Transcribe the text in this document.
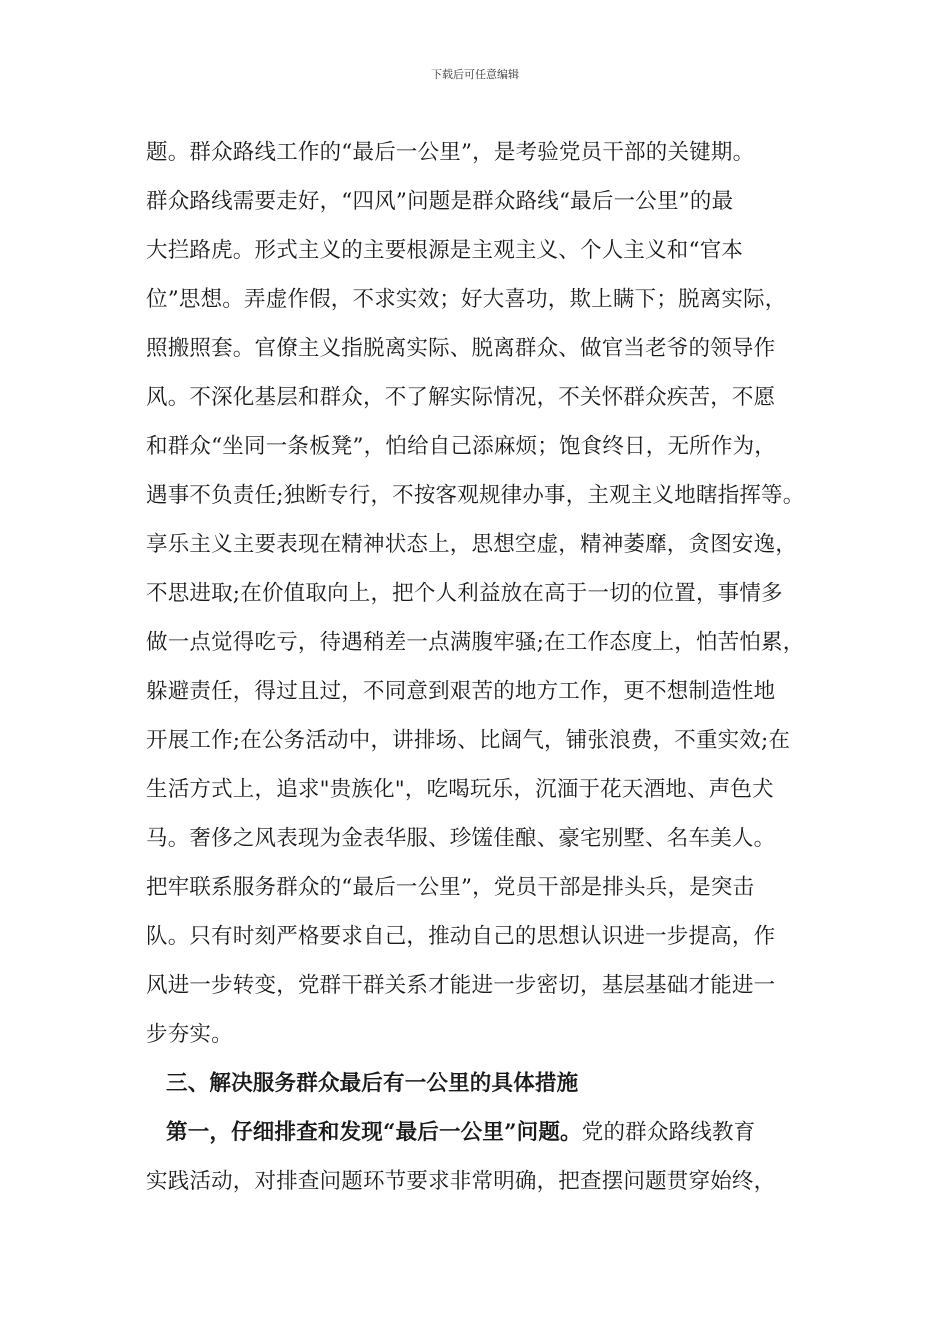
下载后可任意编辑
题。群众路线工作的“最后一公里”，是考验党员干部的关键期。
群众路线需要走好，“四风”问题是群众路线“最后一公里”的最
大拦路虎。形式主义的主要根源是主观主义、个人主义和“官本
位”思想。弄虚作假，不求实效；好大喜功，欺上瞒下；脱离实际，
照搬照套。官僚主义指脱离实际、脱离群众、做官当老爷的领导作
风。不深化基层和群众，不了解实际情况，不关怀群众疾苦，不愿
和群众“坐同一条板凳”，怕给自己添麻烦；饱食终日，无所作为，
遇事不负责任;独断专行，不按客观规律办事，主观主义地瞎指挥等。
享乐主义主要表现在精神状态上，思想空虚，精神萎靡，贪图安逸，
不思进取;在价值取向上，把个人利益放在高于一切的位置，事情多
做一点觉得吃亏，待遇稍差一点满腹牢骚;在工作态度上，怕苦怕累，
躲避责任，得过且过，不同意到艰苦的地方工作，更不想制造性地
开展工作;在公务活动中，讲排场、比阔气，铺张浪费，不重实效;在
生活方式上，追求"贵族化"，吃喝玩乐，沉湎于花天酒地、声色犬
马。奢侈之风表现为金表华服、珍馐佳酿、豪宅别墅、名车美人。
把牢联系服务群众的“最后一公里”，党员干部是排头兵，是突击
队。只有时刻严格要求自己，推动自己的思想认识进一步提高，作
风进一步转变，党群干群关系才能进一步密切，基层基础才能进一
步夯实。
三、解决服务群众最后有一公里的具体措施
第一，仔细排查和发现“最后一公里”问题。党的群众路线教育
实践活动，对排查问题环节要求非常明确，把查摆问题贯穿始终，
